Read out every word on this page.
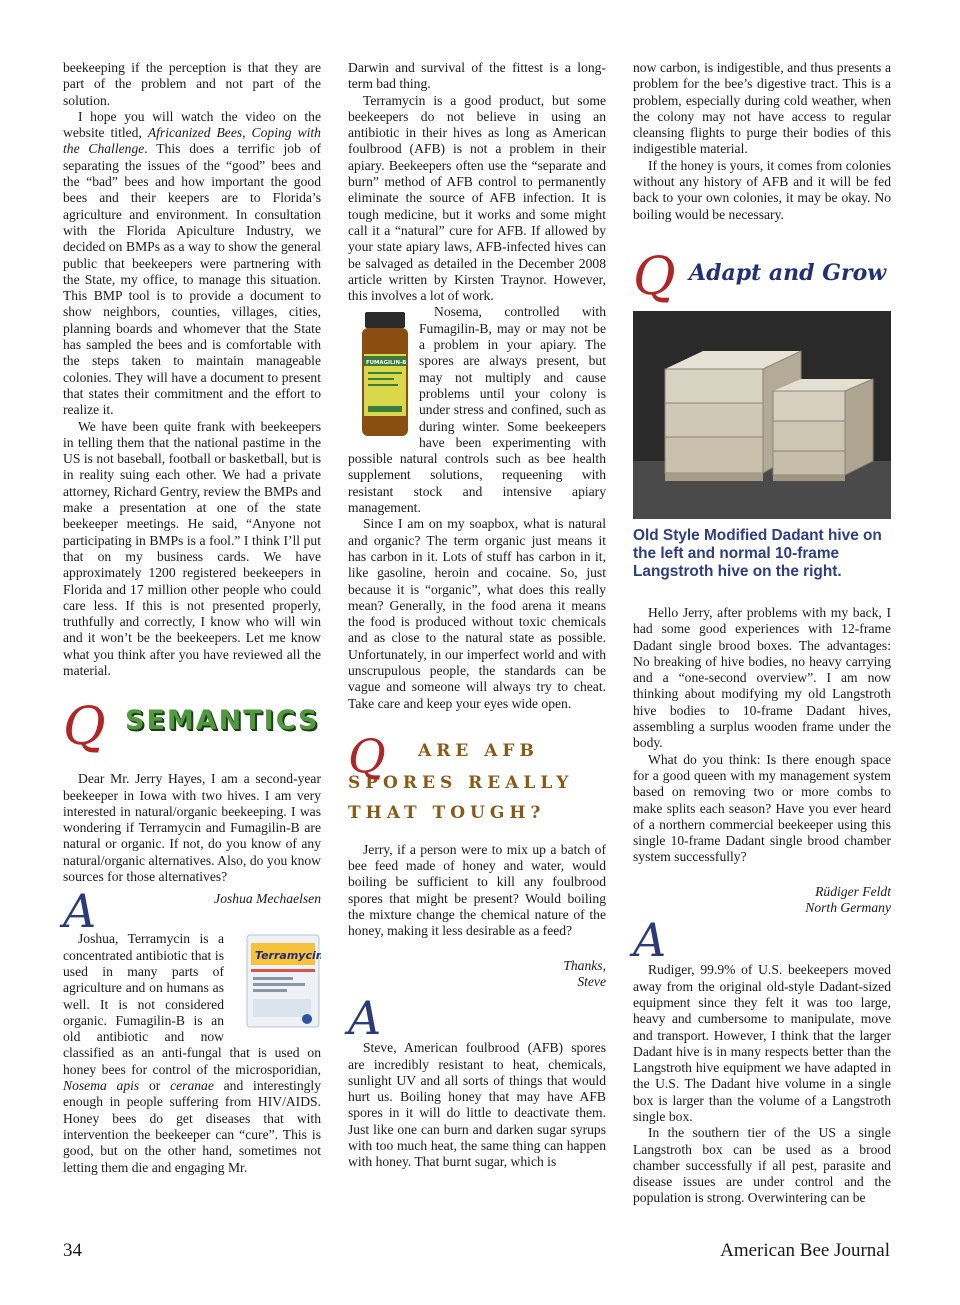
beekeeping if the perception is that they are part of the problem and not part of the solution.

I hope you will watch the video on the website titled, Africanized Bees, Coping with the Challenge. This does a terrific job of separating the issues of the “good” bees and the “bad” bees and how important the good bees and their keepers are to Florida’s agriculture and environment. In consultation with the Florida Apiculture Industry, we decided on BMPs as a way to show the general public that beekeepers were partnering with the State, my office, to manage this situation. This BMP tool is to provide a document to show neighbors, counties, villages, cities, planning boards and whomever that the State has sampled the bees and is comfortable with the steps taken to maintain manageable colonies. They will have a document to present that states their commitment and the effort to realize it.

We have been quite frank with beekeepers in telling them that the national pastime in the US is not baseball, football or basketball, but is in reality suing each other. We had a private attorney, Richard Gentry, review the BMPs and make a presentation at one of the state beekeeper meetings. He said, “Anyone not participating in BMPs is a fool.” I think I’ll put that on my business cards. We have approximately 1200 registered beekeepers in Florida and 17 million other people who could care less. If this is not presented properly, truthfully and correctly, I know who will win and it won’t be the beekeepers. Let me know what you think after you have reviewed all the material.

Q SEMANTICS

Dear Mr. Jerry Hayes, I am a second-year beekeeper in Iowa with two hives. I am very interested in natural/organic beekeeping. I was wondering if Terramycin and Fumagilin-B are natural or organic. If not, do you know of any natural/organic alternatives. Also, do you know sources for those alternatives?

A	Joshua Mechaelsen

Terramycin
Joshua, Terramycin is a concentrated antibiotic that is used in many parts of agriculture and on humans as well. It is not considered organic. Fumagilin-B is an old antibiotic and now classified as an anti-fungal that is used on honey bees for control of the microsporidian, Nosema apis or ceranae and interestingly enough in people suffering from HIV/AIDS. Honey bees do get diseases that with intervention the beekeeper can “cure”. This is good, but on the other hand, sometimes not letting them die and engaging Mr.

Darwin and survival of the fittest is a long-term bad thing.

Terramycin is a good product, but some beekeepers do not believe in using an antibiotic in their hives as long as American foulbrood (AFB) is not a problem in their apiary. Beekeepers often use the “separate and burn” method of AFB control to permanently eliminate the source of AFB infection. It is tough medicine, but it works and some might call it a “natural” cure for AFB. If allowed by your state apiary laws, AFB-infected hives can be salvaged as detailed in the December 2008 article written by Kirsten Traynor. However, this involves a lot of work.

FUMAGILIN-B
Nosema, controlled with Fumagilin-B, may or may not be a problem in your apiary. The spores are always present, but may not multiply and cause problems until your colony is under stress and confined, such as during winter. Some beekeepers have been experimenting with possible natural controls such as bee health supplement solutions, requeening with resistant stock and intensive apiary management.

Since I am on my soapbox, what is natural and organic? The term organic just means it has carbon in it. Lots of stuff has carbon in it, like gasoline, heroin and cocaine. So, just because it is “organic”, what does this really mean? Generally, in the food arena it means the food is produced without toxic chemicals and as close to the natural state as possible. Unfortunately, in our imperfect world and with unscrupulous people, the standards can be vague and someone will always try to cheat. Take care and keep your eyes wide open.

Q ARE AFB
SPORES REALLY
THAT TOUGH?

Jerry, if a person were to mix up a batch of bee feed made of honey and water, would boiling be sufficient to kill any foulbrood spores that might be present? Would boiling the mixture change the chemical nature of the honey, making it less desirable as a feed?

Thanks,

Steve

A

Steve, American foulbrood (AFB) spores are incredibly resistant to heat, chemicals, sunlight UV and all sorts of things that would hurt us. Boiling honey that may have AFB spores in it will do little to deactivate them. Just like one can burn and darken sugar syrups with too much heat, the same thing can happen with honey. That burnt sugar, which is

now carbon, is indigestible, and thus presents a problem for the bee’s digestive tract. This is a problem, especially during cold weather, when the colony may not have access to regular cleansing flights to purge their bodies of this indigestible material.

If the honey is yours, it comes from colonies without any history of AFB and it will be fed back to your own colonies, it may be okay. No boiling would be necessary.

Q Adapt and Grow
Old Style Modified Dadant hive on the left and normal 10-frame Langstroth hive on the right.

Hello Jerry, after problems with my back, I had some good experiences with 12-frame Dadant single brood boxes. The advantages: No breaking of hive bodies, no heavy carrying and a “one-second overview”. I am now thinking about modifying my old Langstroth hive bodies to 10-frame Dadant hives, assembling a surplus wooden frame under the body.

What do you think: Is there enough space for a good queen with my management system based on removing two or more combs to make splits each season? Have you ever heard of a northern commercial beekeeper using this single 10-frame Dadant single brood chamber system successfully?

Rüdiger Feldt

North Germany

A

Rudiger, 99.9% of U.S. beekeepers moved away from the original old-style Dadant-sized equipment since they felt it was too large, heavy and cumbersome to manipulate, move and transport. However, I think that the larger Dadant hive is in many respects better than the Langstroth hive equipment we have adapted in the U.S. The Dadant hive volume in a single box is larger than the volume of a Langstroth single box.

In the southern tier of the US a single Langstroth box can be used as a brood chamber successfully if all pest, parasite and disease issues are under control and the population is strong. Overwintering can be

34	American Bee Journal
